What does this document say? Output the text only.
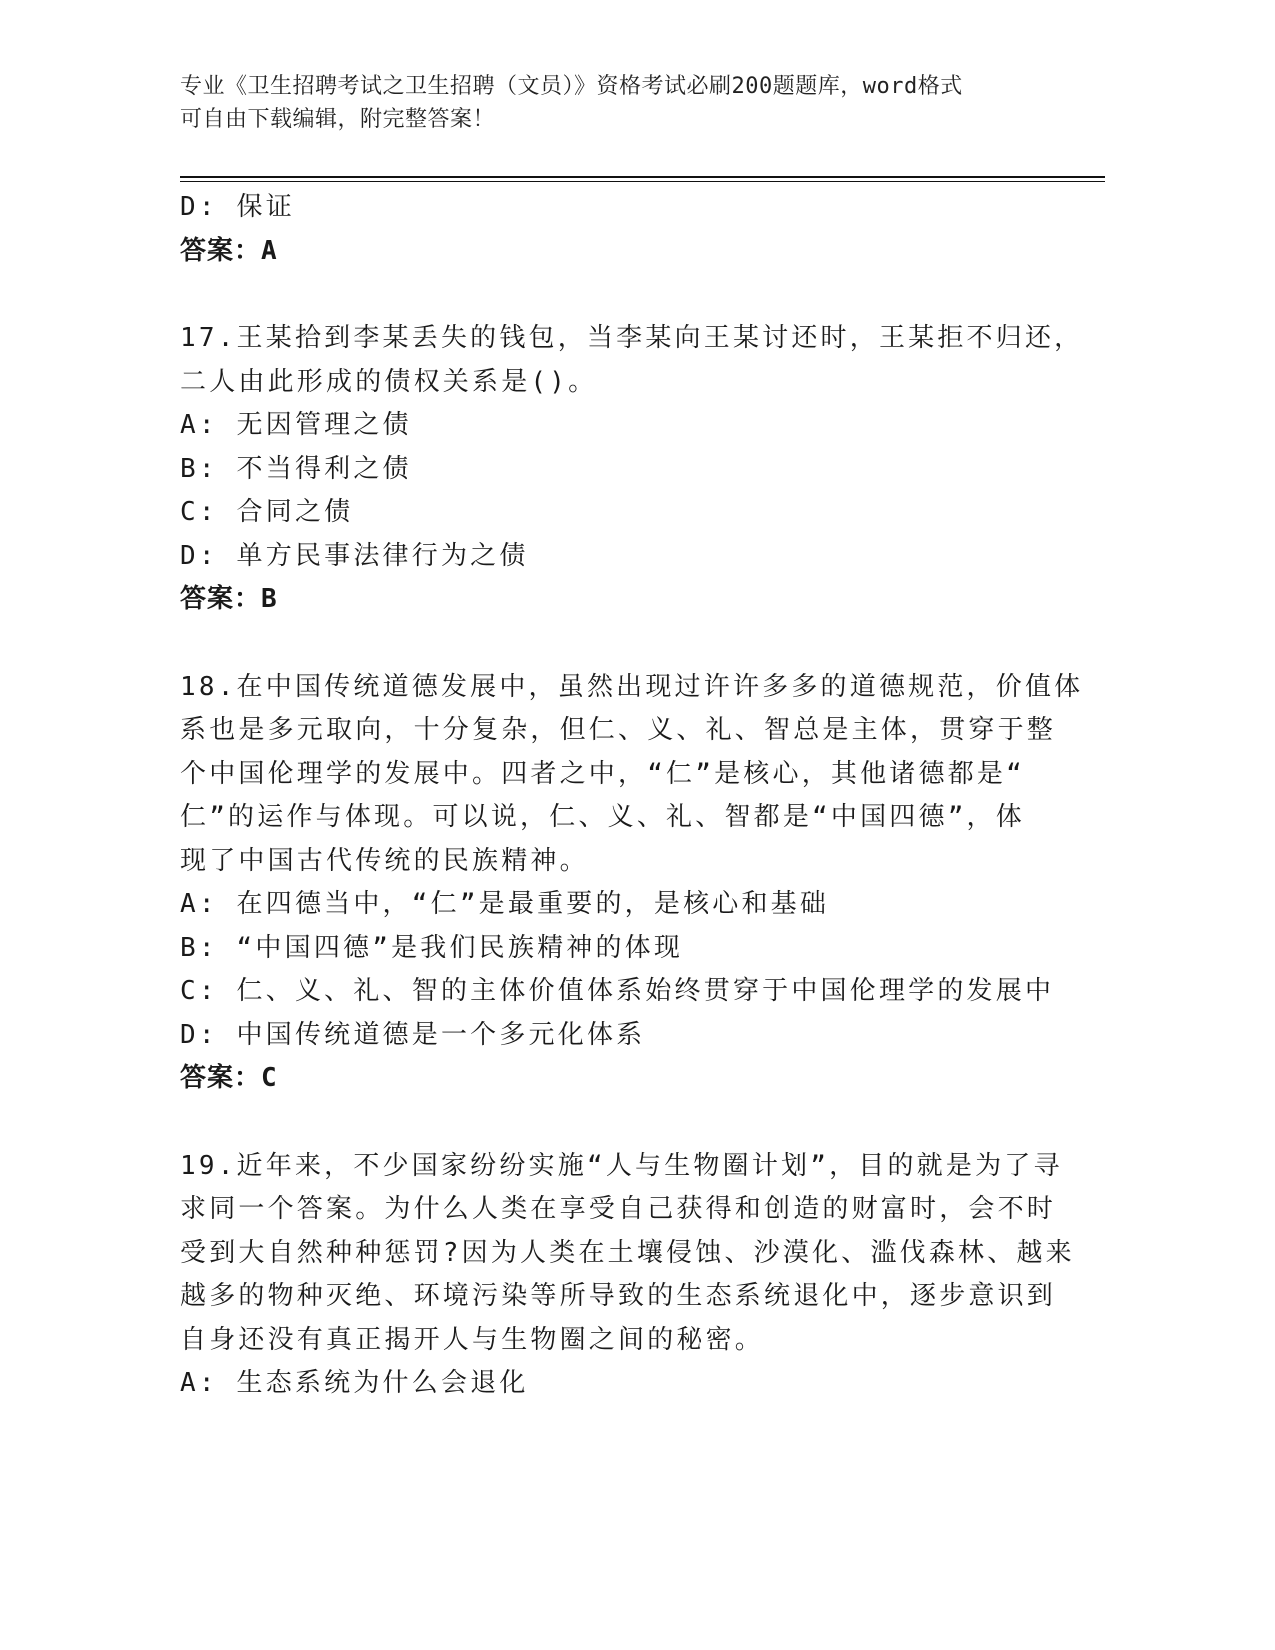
专业《卫生招聘考试之卫生招聘（文员）》资格考试必刷200题题库，word格式
可自由下载编辑，附完整答案！
D: 保证
答案：A
17.王某拾到李某丢失的钱包，当李某向王某讨还时，王某拒不归还，
二人由此形成的债权关系是()。
A: 无因管理之债
B: 不当得利之债
C: 合同之债
D: 单方民事法律行为之债
答案：B
18.在中国传统道德发展中，虽然出现过许许多多的道德规范，价值体
系也是多元取向，十分复杂，但仁、义、礼、智总是主体，贯穿于整
个中国伦理学的发展中。四者之中，“仁”是核心，其他诸德都是“
仁”的运作与体现。可以说，仁、义、礼、智都是“中国四德”，体
现了中国古代传统的民族精神。
A: 在四德当中，“仁”是最重要的，是核心和基础
B: “中国四德”是我们民族精神的体现
C: 仁、义、礼、智的主体价值体系始终贯穿于中国伦理学的发展中
D: 中国传统道德是一个多元化体系
答案：C
19.近年来，不少国家纷纷实施“人与生物圈计划”，目的就是为了寻
求同一个答案。为什么人类在享受自己获得和创造的财富时，会不时
受到大自然种种惩罚?因为人类在土壤侵蚀、沙漠化、滥伐森林、越来
越多的物种灭绝、环境污染等所导致的生态系统退化中，逐步意识到
自身还没有真正揭开人与生物圈之间的秘密。
A: 生态系统为什么会退化
